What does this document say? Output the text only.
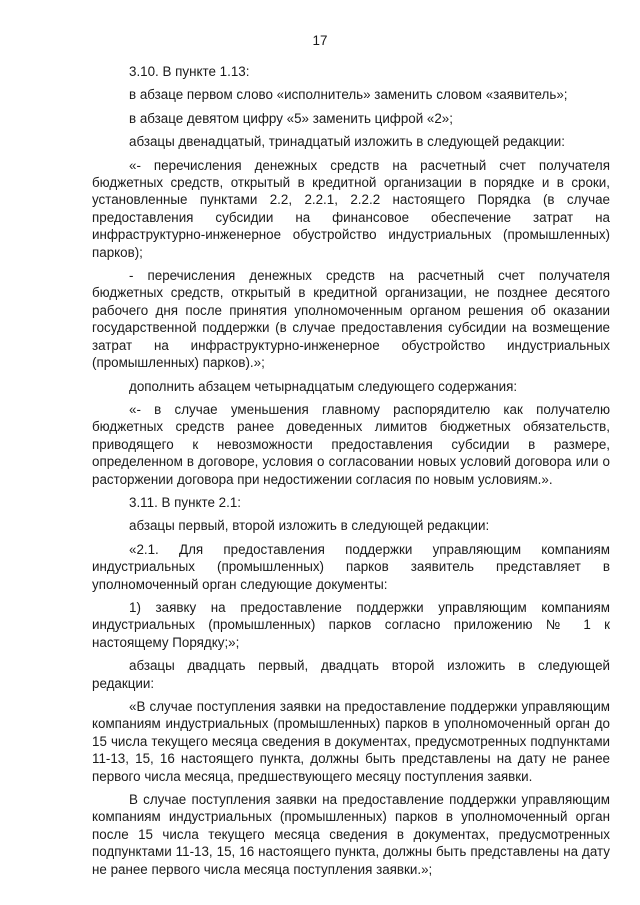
17

3.10. В пункте 1.13:

в абзаце первом слово «исполнитель» заменить словом «заявитель»;

в абзаце девятом цифру «5» заменить цифрой «2»;

абзацы двенадцатый, тринадцатый изложить в следующей редакции:

«- перечисления денежных средств на расчетный счет получателя бюджетных средств, открытый в кредитной организации в порядке и в сроки, установленные пунктами 2.2, 2.2.1, 2.2.2 настоящего Порядка (в случае предоставления субсидии на финансовое обеспечение затрат на инфраструктурно-инженерное обустройство индустриальных (промышленных) парков);

- перечисления денежных средств на расчетный счет получателя бюджетных средств, открытый в кредитной организации, не позднее десятого рабочего дня после принятия уполномоченным органом решения об оказании государственной поддержки (в случае предоставления субсидии на возмещение затрат на инфраструктурно-инженерное обустройство индустриальных (промышленных) парков).»;

дополнить абзацем четырнадцатым следующего содержания:

«- в случае уменьшения главному распорядителю как получателю бюджетных средств ранее доведенных лимитов бюджетных обязательств, приводящего к невозможности предоставления субсидии в размере, определенном в договоре, условия о согласовании новых условий договора или о расторжении договора при недостижении согласия по новым условиям.».

3.11. В пункте 2.1:

абзацы первый, второй изложить в следующей редакции:

«2.1. Для предоставления поддержки управляющим компаниям индустриальных (промышленных) парков заявитель представляет в уполномоченный орган следующие документы:

1) заявку на предоставление поддержки управляющим компаниям индустриальных (промышленных) парков согласно приложению № 1 к настоящему Порядку;»;

абзацы двадцать первый, двадцать второй изложить в следующей редакции:

«В случае поступления заявки на предоставление поддержки управляющим компаниям индустриальных (промышленных) парков в уполномоченный орган до 15 числа текущего месяца сведения в документах, предусмотренных подпунктами 11-13, 15, 16 настоящего пункта, должны быть представлены на дату не ранее первого числа месяца, предшествующего месяцу поступления заявки.

В случае поступления заявки на предоставление поддержки управляющим компаниям индустриальных (промышленных) парков в уполномоченный орган после 15 числа текущего месяца сведения в документах, предусмотренных подпунктами 11-13, 15, 16 настоящего пункта, должны быть представлены на дату не ранее первого числа месяца поступления заявки.»;
